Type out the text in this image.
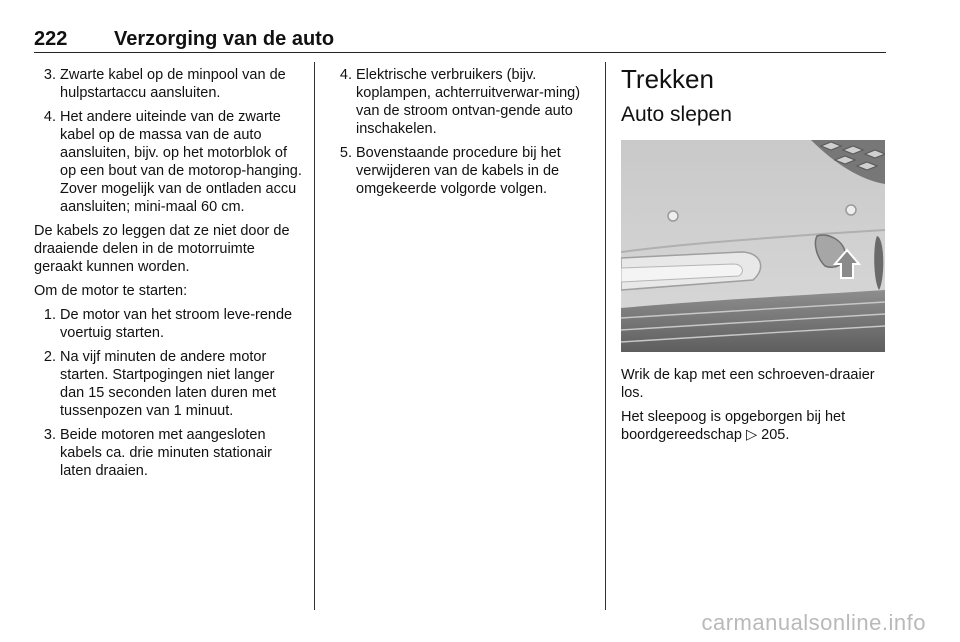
222 Verzorging van de auto
3. Zwarte kabel op de minpool van de hulpstartaccu aansluiten.
4. Het andere uiteinde van de zwarte kabel op de massa van de auto aansluiten, bijv. op het motorblok of op een bout van de motorop-hanging. Zover mogelijk van de ontladen accu aansluiten; mini-maal 60 cm.

De kabels zo leggen dat ze niet door de draaiende delen in de motorruimte geraakt kunnen worden.

Om de motor te starten:

1. De motor van het stroom leve-rende voertuig starten.
2. Na vijf minuten de andere motor starten. Startpogingen niet langer dan 15 seconden laten duren met tussenpozen van 1 minuut.
3. Beide motoren met aangesloten kabels ca. drie minuten stationair laten draaien.
4. Elektrische verbruikers (bijv. koplampen, achterruitverwar-ming) van de stroom ontvan-gende auto inschakelen.
5. Bovenstaande procedure bij het verwijderen van de kabels in de omgekeerde volgorde volgen.
Trekken
Auto slepen

Wrik de kap met een schroeven-draaier los.

Het sleepoog is opgeborgen bij het boordgereedschap ▷ 205.

carmanualsonline.info
